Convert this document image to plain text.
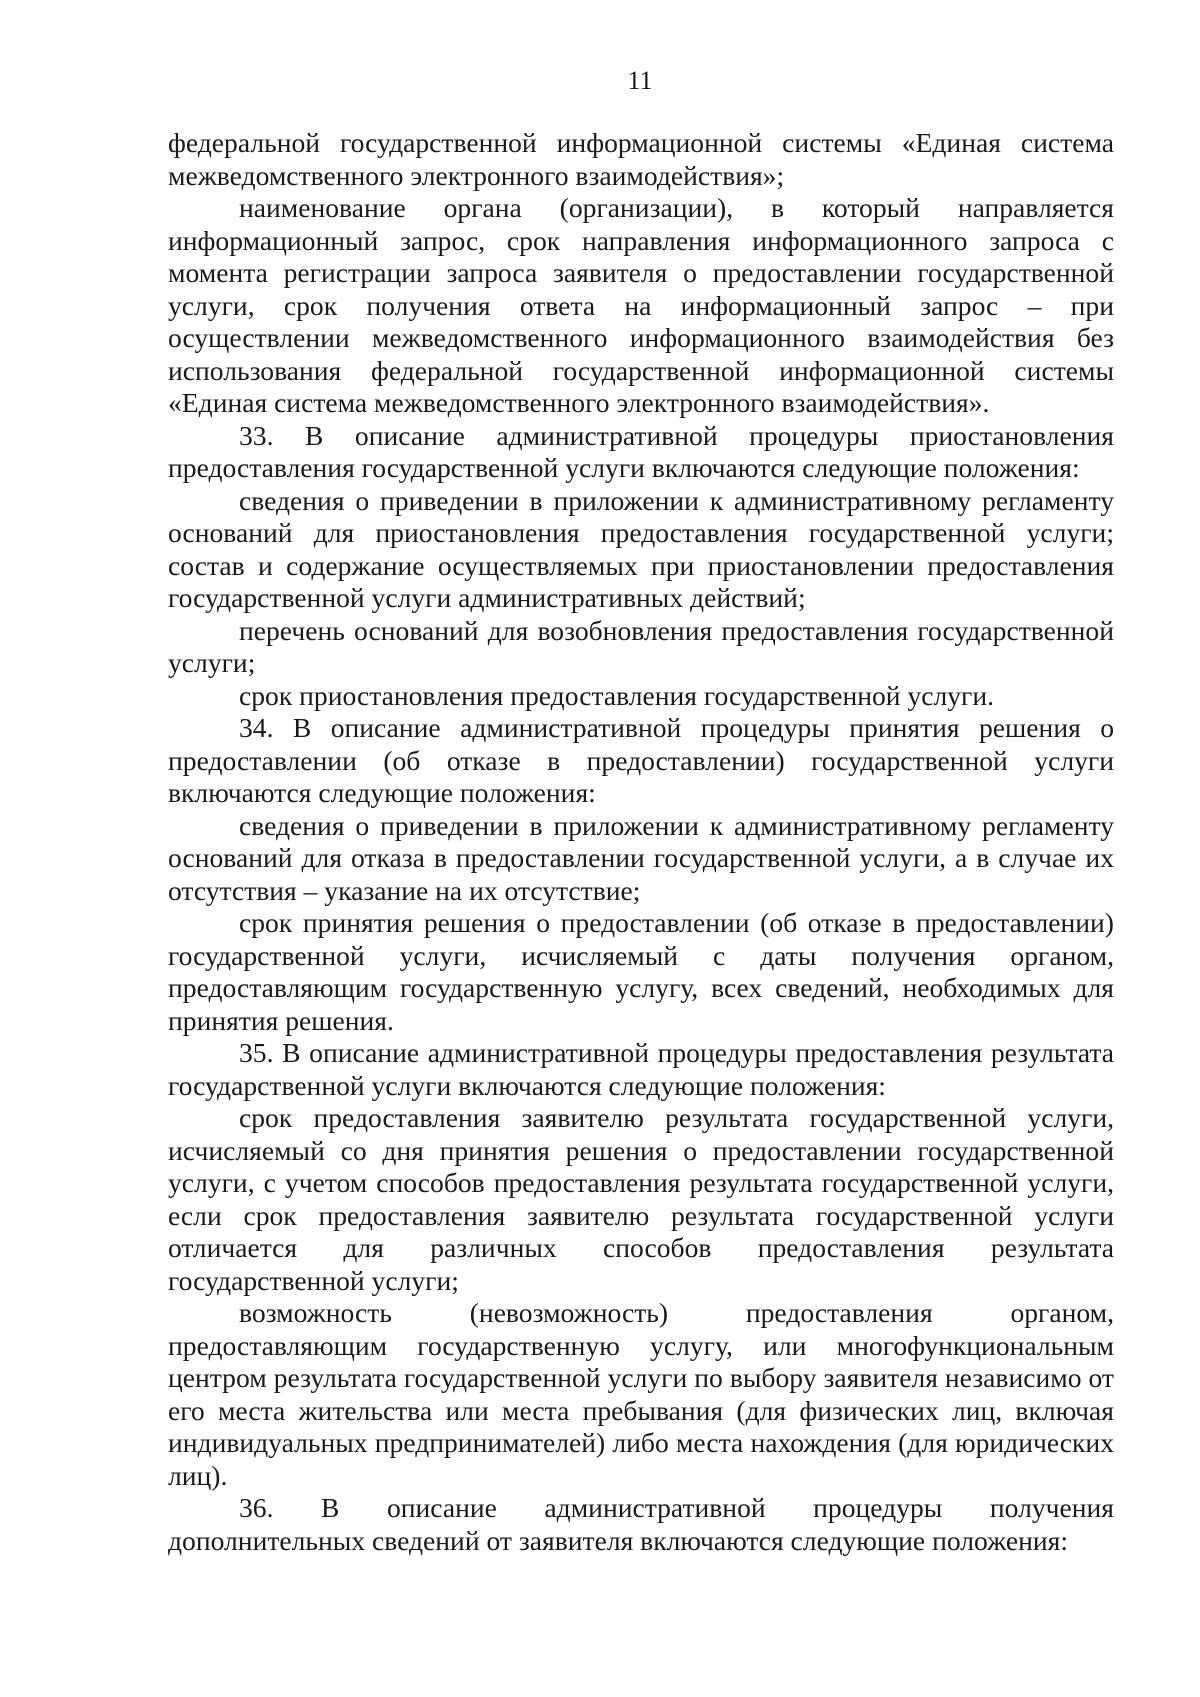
11

федеральной государственной информационной системы «Единая система межведомственного электронного взаимодействия»;

наименование органа (организации), в который направляется информационный запрос, срок направления информационного запроса с момента регистрации запроса заявителя о предоставлении государственной услуги, срок получения ответа на информационный запрос – при осуществлении межведомственного информационного взаимодействия без использования федеральной государственной информационной системы «Единая система межведомственного электронного взаимодействия».

33. В описание административной процедуры приостановления предоставления государственной услуги включаются следующие положения:

сведения о приведении в приложении к административному регламенту оснований для приостановления предоставления государственной услуги; состав и содержание осуществляемых при приостановлении предоставления государственной услуги административных действий;

перечень оснований для возобновления предоставления государственной услуги;

срок приостановления предоставления государственной услуги.

34. В описание административной процедуры принятия решения о предоставлении (об отказе в предоставлении) государственной услуги включаются следующие положения:

сведения о приведении в приложении к административному регламенту оснований для отказа в предоставлении государственной услуги, а в случае их отсутствия – указание на их отсутствие;

срок принятия решения о предоставлении (об отказе в предоставлении) государственной услуги, исчисляемый с даты получения органом, предоставляющим государственную услугу, всех сведений, необходимых для принятия решения.

35. В описание административной процедуры предоставления результата государственной услуги включаются следующие положения:

срок предоставления заявителю результата государственной услуги, исчисляемый со дня принятия решения о предоставлении государственной услуги, с учетом способов предоставления результата государственной услуги, если срок предоставления заявителю результата государственной услуги отличается для различных способов предоставления результата государственной услуги;

возможность (невозможность) предоставления органом, предоставляющим государственную услугу, или многофункциональным центром результата государственной услуги по выбору заявителя независимо от его места жительства или места пребывания (для физических лиц, включая индивидуальных предпринимателей) либо места нахождения (для юридических лиц).

36. В описание административной процедуры получения дополнительных сведений от заявителя включаются следующие положения:
